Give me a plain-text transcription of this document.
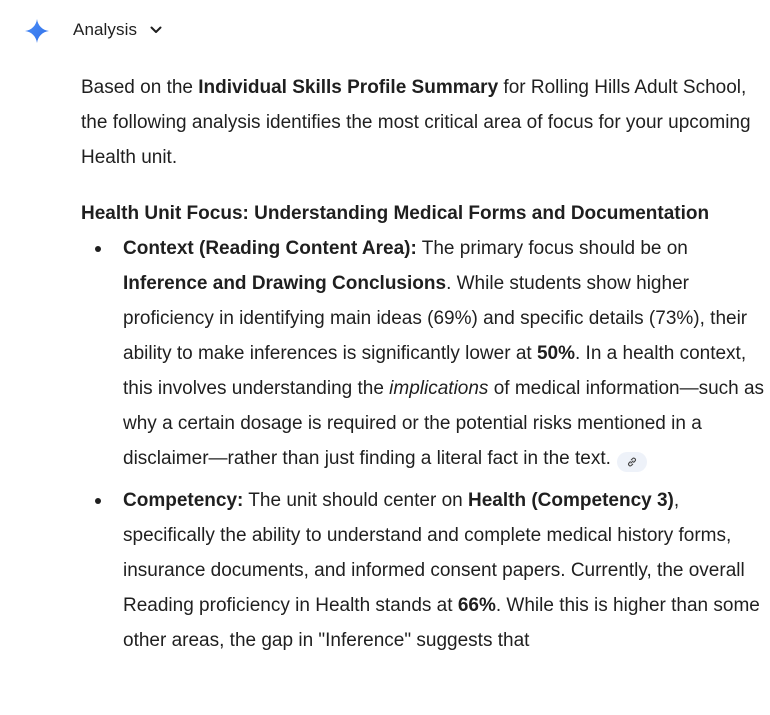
Analysis

Based on the Individual Skills Profile Summary for Rolling Hills Adult School, the following analysis identifies the most critical area of focus for your upcoming Health unit.

Health Unit Focus: Understanding Medical Forms and Documentation

Context (Reading Content Area): The primary focus should be on Inference and Drawing Conclusions. While students show higher proficiency in identifying main ideas (69%) and specific details (73%), their ability to make inferences is significantly lower at 50%. In a health context, this involves understanding the implications of medical information—such as why a certain dosage is required or the potential risks mentioned in a disclaimer—rather than just finding a literal fact in the text.
Competency: The unit should center on Health (Competency 3), specifically the ability to understand and complete medical history forms, insurance documents, and informed consent papers. Currently, the overall Reading proficiency in Health stands at 66%. While this is higher than some other areas, the gap in "Inference" suggests that
